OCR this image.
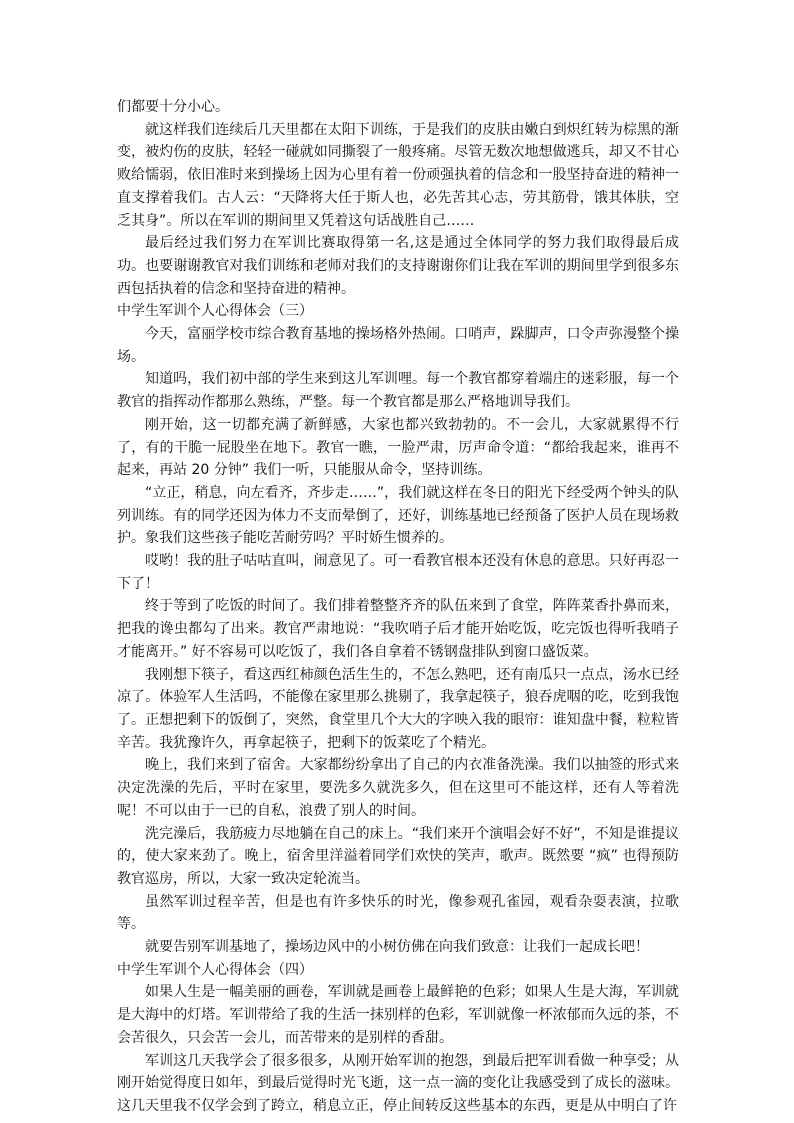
们都要十分小心。

就这样我们连续后几天里都在太阳下训练，于是我们的皮肤由嫩白到炽红转为棕黑的渐变，被灼伤的皮肤，轻轻一碰就如同撕裂了一般疼痛。尽管无数次地想做逃兵，却又不甘心败给懦弱，依旧准时来到操场上因为心里有着一份顽强执着的信念和一股坚持奋进的精神一直支撑着我们。古人云：“天降将大任于斯人也，必先苦其心志，劳其筋骨，饿其体肤，空乏其身”。所以在军训的期间里又凭着这句话战胜自己‥‥‥

最后经过我们努力在军训比赛取得第一名,这是通过全体同学的努力我们取得最后成功。也要谢谢教官对我们训练和老师对我们的支持谢谢你们让我在军训的期间里学到很多东西包括执着的信念和坚持奋进的精神。

中学生军训个人心得体会（三）

今天，富丽学校市综合教育基地的操场格外热闹。口哨声，跺脚声，口令声弥漫整个操场。

知道吗，我们初中部的学生来到这儿军训哩。每一个教官都穿着端庄的迷彩服，每一个教官的指挥动作都那么熟练，严整。每一个教官都是那么严格地训导我们。

刚开始，这一切都充满了新鲜感，大家也都兴致勃勃的。不一会儿，大家就累得不行了，有的干脆一屁股坐在地下。教官一瞧，一脸严肃，厉声命令道：“都给我起来，谁再不起来，再站 20 分钟” 我们一听，只能服从命令，坚持训练。

“立正，稍息，向左看齐，齐步走……”，我们就这样在冬日的阳光下经受两个钟头的队列训练。有的同学还因为体力不支而晕倒了，还好，训练基地已经预备了医护人员在现场救护。象我们这些孩子能吃苦耐劳吗？平时娇生惯养的。

哎哟！我的肚子咕咕直叫，闹意见了。可一看教官根本还没有休息的意思。只好再忍一下了！

终于等到了吃饭的时间了。我们排着整整齐齐的队伍来到了食堂，阵阵菜香扑鼻而来，把我的谗虫都勾了出来。教官严肃地说：“我吹哨子后才能开始吃饭，吃完饭也得听我哨子才能离开。” 好不容易可以吃饭了，我们各自拿着不锈钢盘排队到窗口盛饭菜。

我刚想下筷子，看这西红柿颜色活生生的，不怎么熟吧，还有南瓜只一点点，汤水已经凉了。体验军人生活吗，不能像在家里那么挑剔了，我拿起筷子，狼吞虎咽的吃，吃到我饱了。正想把剩下的饭倒了，突然，食堂里几个大大的字映入我的眼帘：谁知盘中餐，粒粒皆辛苦。我犹豫许久，再拿起筷子，把剩下的饭菜吃了个精光。

晚上，我们来到了宿舍。大家都纷纷拿出了自己的内衣准备洗澡。我们以抽签的形式来决定洗澡的先后，平时在家里，要洗多久就洗多久，但在这里可不能这样，还有人等着洗呢！不可以由于一已的自私，浪费了别人的时间。

洗完澡后，我筋疲力尽地躺在自己的床上。“我们来开个演唱会好不好”，不知是谁提议的，使大家来劲了。晚上，宿舍里洋溢着同学们欢快的笑声，歌声。既然要 “疯” 也得预防教官巡房，所以，大家一致决定轮流当。

虽然军训过程辛苦，但是也有许多快乐的时光，像参观孔雀园，观看杂耍表演，拉歌等。

就要告别军训基地了，操场边风中的小树仿佛在向我们致意：让我们一起成长吧！

中学生军训个人心得体会（四）

如果人生是一幅美丽的画卷，军训就是画卷上最鲜艳的色彩；如果人生是大海，军训就是大海中的灯塔。军训带给了我的生活一抹别样的色彩，军训就像一杯浓郁而久远的茶，不会苦很久，只会苦一会儿，而苦带来的是别样的香甜。

军训这几天我学会了很多很多，从刚开始军训的抱怨，到最后把军训看做一种享受；从刚开始觉得度日如年，到最后觉得时光飞逝，这一点一滴的变化让我感受到了成长的滋味。这几天里我不仅学会到了跨立，稍息立正，停止间转反这些基本的东西，更是从中明白了许
